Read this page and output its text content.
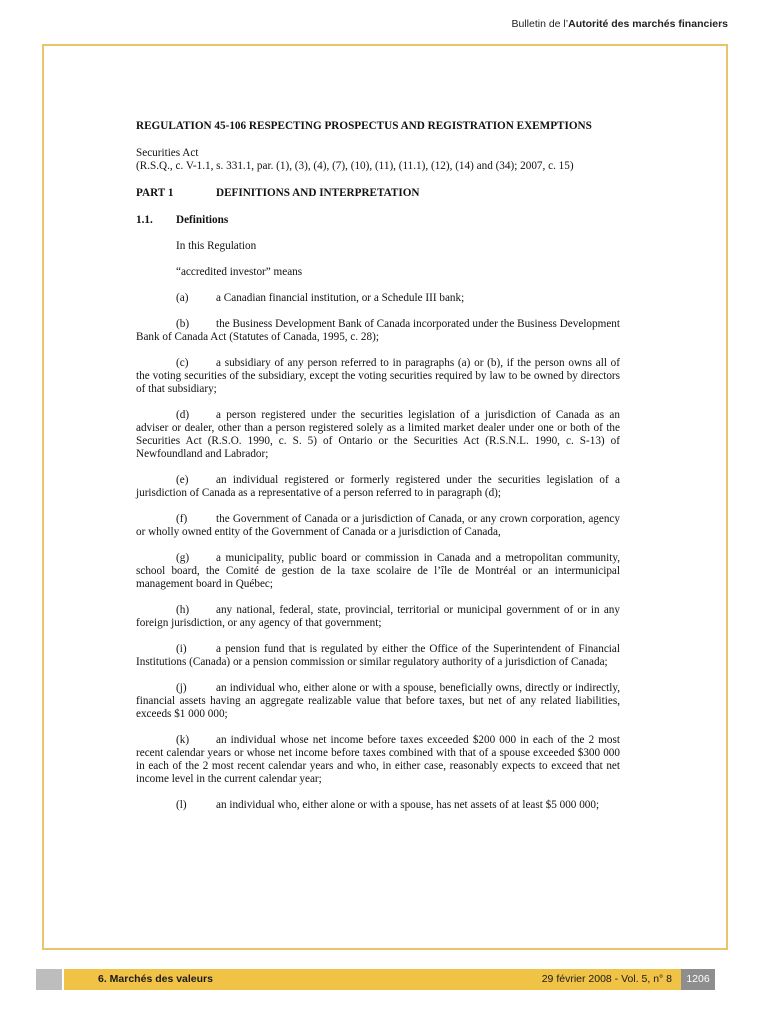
Bulletin de l’Autorité des marchés financiers

REGULATION 45-106 RESPECTING PROSPECTUS AND REGISTRATION EXEMPTIONS

Securities Act

(R.S.Q., c. V-1.1, s. 331.1, par. (1), (3), (4), (7), (10), (11), (11.1), (12), (14) and (34); 2007, c. 15)

PART 1	DEFINITIONS AND INTERPRETATION

1.1. Definitions

In this Regulation

“accredited investor” means

(a) a Canadian financial institution, or a Schedule III bank;

(b) the Business Development Bank of Canada incorporated under the Business Development Bank of Canada Act (Statutes of Canada, 1995, c. 28);

(c) a subsidiary of any person referred to in paragraphs (a) or (b), if the person owns all of the voting securities of the subsidiary, except the voting securities required by law to be owned by directors of that subsidiary;

(d) a person registered under the securities legislation of a jurisdiction of Canada as an adviser or dealer, other than a person registered solely as a limited market dealer under one or both of the Securities Act (R.S.O. 1990, c. S. 5) of Ontario or the Securities Act (R.S.N.L. 1990, c. S-13) of Newfoundland and Labrador;

(e) an individual registered or formerly registered under the securities legislation of a jurisdiction of Canada as a representative of a person referred to in paragraph (d);

(f)	the Government of Canada or a jurisdiction of Canada, or any crown corporation, agency or wholly owned entity of the Government of Canada or a jurisdiction of Canada,

(g) a municipality, public board or commission in Canada and a metropolitan community, school board, the Comité de gestion de la taxe scolaire de l’île de Montréal or an intermunicipal management board in Québec;

(h) any national, federal, state, provincial, territorial or municipal government of or in any foreign jurisdiction, or any agency of that government;

(i)	a pension fund that is regulated by either the Office of the Superintendent of Financial Institutions (Canada) or a pension commission or similar regulatory authority of a jurisdiction of Canada;

(j)	an individual who, either alone or with a spouse, beneficially owns, directly or indirectly, financial assets having an aggregate realizable value that before taxes, but net of any related liabilities, exceeds $1 000 000;

(k) an individual whose net income before taxes exceeded $200 000 in each of the 2 most recent calendar years or whose net income before taxes combined with that of a spouse exceeded $300 000 in each of the 2 most recent calendar years and who, in either case, reasonably expects to exceed that net income level in the current calendar year;

(l)	an individual who, either alone or with a spouse, has net assets of at least $5 000 000;

6. Marchés des valeurs	29 février 2008 - Vol. 5, n° 8	1206
